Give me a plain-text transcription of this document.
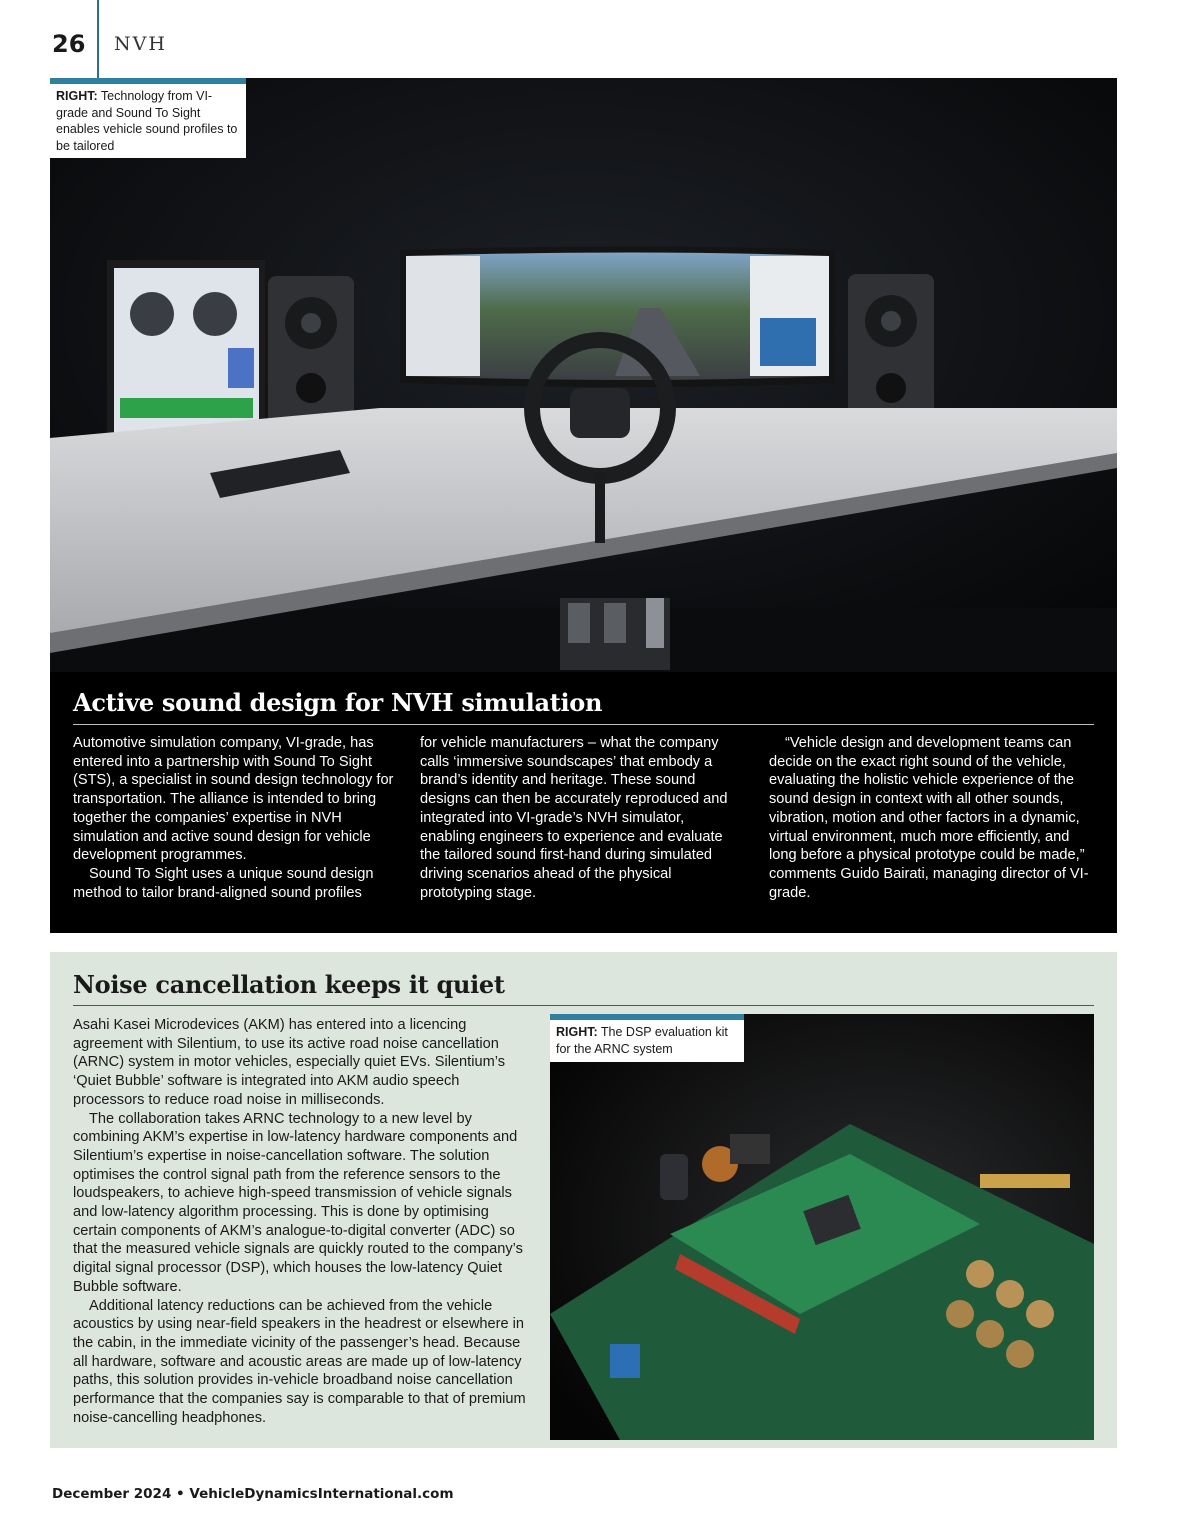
26 NVH
RIGHT: Technology from VI-grade and Sound To Sight enables vehicle sound profiles to be tailored
Active sound design for NVH simulation

Automotive simulation company, VI-grade, has entered into a partnership with Sound To Sight (STS), a specialist in sound design technology for transportation. The alliance is intended to bring together the companies’ expertise in NVH simulation and active sound design for vehicle development programmes.

Sound To Sight uses a unique sound design method to tailor brand-aligned sound profiles

for vehicle manufacturers – what the company calls ‘immersive soundscapes’ that embody a brand’s identity and heritage. These sound designs can then be accurately reproduced and integrated into VI-grade’s NVH simulator, enabling engineers to experience and evaluate the tailored sound first-hand during simulated driving scenarios ahead of the physical prototyping stage.

“Vehicle design and development teams can decide on the exact right sound of the vehicle, evaluating the holistic vehicle experience of the sound design in context with all other sounds, vibration, motion and other factors in a dynamic, virtual environment, much more efficiently, and long before a physical prototype could be made,” comments Guido Bairati, managing director of VI-grade.

Noise cancellation keeps it quiet

Asahi Kasei Microdevices (AKM) has entered into a licencing agreement with Silentium, to use its active road noise cancellation (ARNC) system in motor vehicles, especially quiet EVs. Silentium’s ‘Quiet Bubble’ software is integrated into AKM audio speech processors to reduce road noise in milliseconds.

The collaboration takes ARNC technology to a new level by combining AKM’s expertise in low-latency hardware components and Silentium’s expertise in noise-cancellation software. The solution optimises the control signal path from the reference sensors to the loudspeakers, to achieve high-speed transmission of vehicle signals and low-latency algorithm processing. This is done by optimising certain components of AKM’s analogue-to-digital converter (ADC) so that the measured vehicle signals are quickly routed to the company’s digital signal processor (DSP), which houses the low-latency Quiet Bubble software.

Additional latency reductions can be achieved from the vehicle acoustics by using near-field speakers in the headrest or elsewhere in the cabin, in the immediate vicinity of the passenger’s head. Because all hardware, software and acoustic areas are made up of low-latency paths, this solution provides in-vehicle broadband noise cancellation performance that the companies say is comparable to that of premium noise-cancelling headphones.

RIGHT: The DSP evaluation kit for the ARNC system
December 2024 • VehicleDynamicsInternational.com
